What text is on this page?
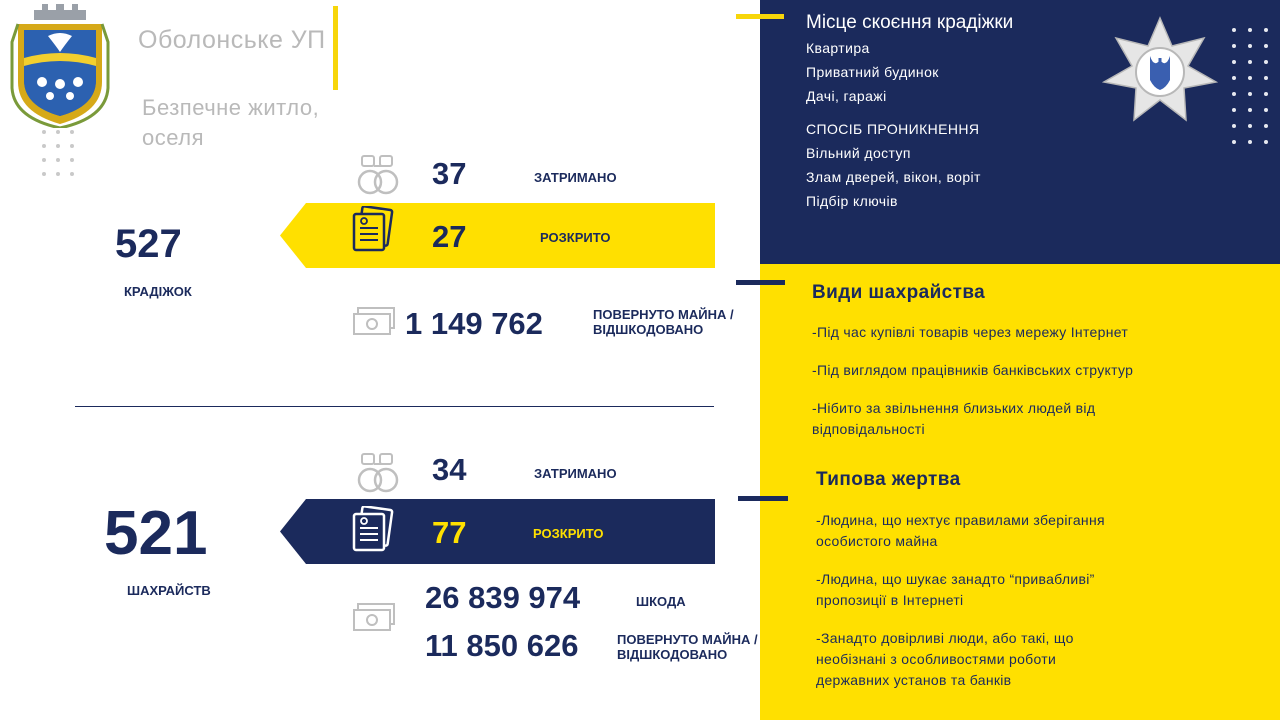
Оболонське УП
Безпечне житло, оселя
527
КРАДІЖОК
37	ЗАТРИМАНО
27	РОЗКРИТО
1 149 762	ПОВЕРНУТО МАЙНА /
ВІДШКОДОВАНО
521
ШАХРАЙСТВ
34	ЗАТРИМАНО
77	РОЗКРИТО
26 839 974	ШКОДА
11 850 626	ПОВЕРНУТО МАЙНА /
ВІДШКОДОВАНО
Місце скоєння крадіжки
Квартира
Приватний будинок
Дачі, гаражі
СПОСІБ ПРОНИКНЕННЯ
Вільний доступ
Злам дверей, вікон, воріт
Підбір ключів
Види шахрайства
-Під час купівлі товарів через мережу Інтернет
-Під виглядом працівників банківських структур
-Нібито за звільнення близьких людей від відповідальності
Типова жертва
-Людина, що нехтує правилами зберігання особистого майна
-Людина, що шукає занадто “привабливі” пропозиції в Інтернеті
-Занадто довірливі люди, або такі, що необізнані з особливостями роботи державних установ та банків
